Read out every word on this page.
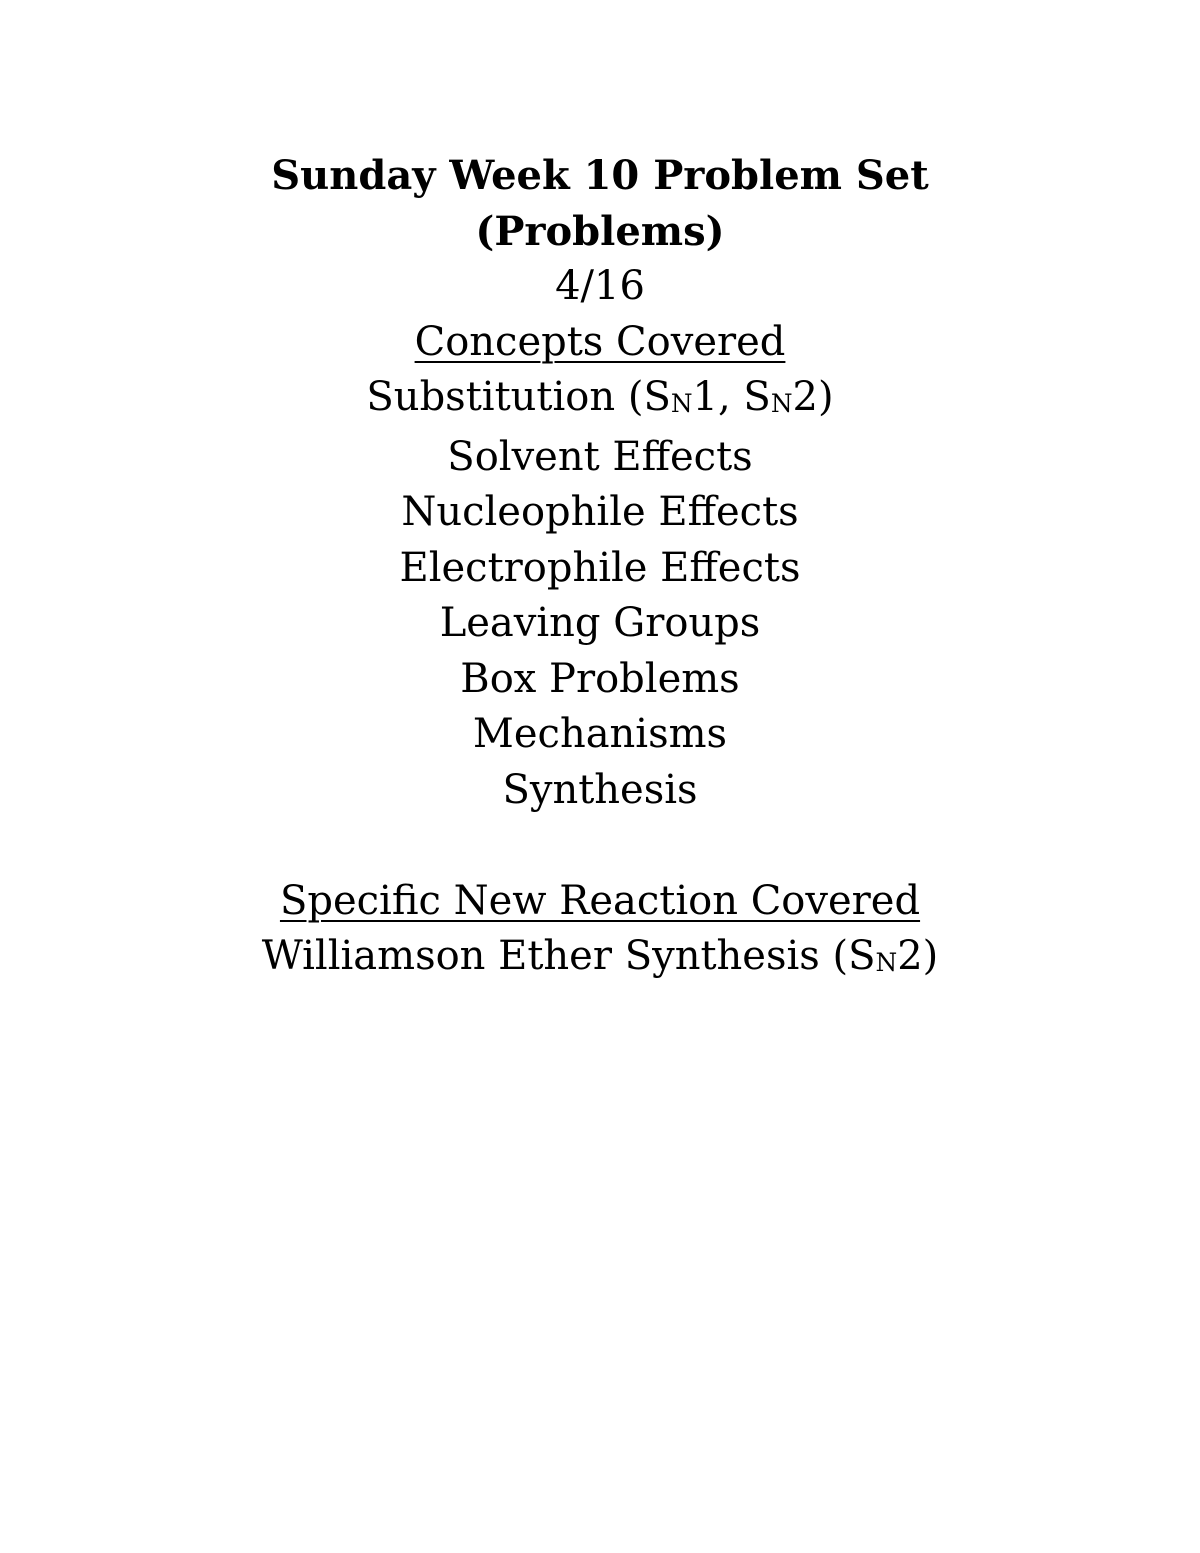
Sunday Week 10 Problem Set
(Problems)
4/16
Concepts Covered
Substitution (SN1, SN2)
Solvent Effects
Nucleophile Effects
Electrophile Effects
Leaving Groups
Box Problems
Mechanisms
Synthesis
Specific New Reaction Covered
Williamson Ether Synthesis (SN2)
